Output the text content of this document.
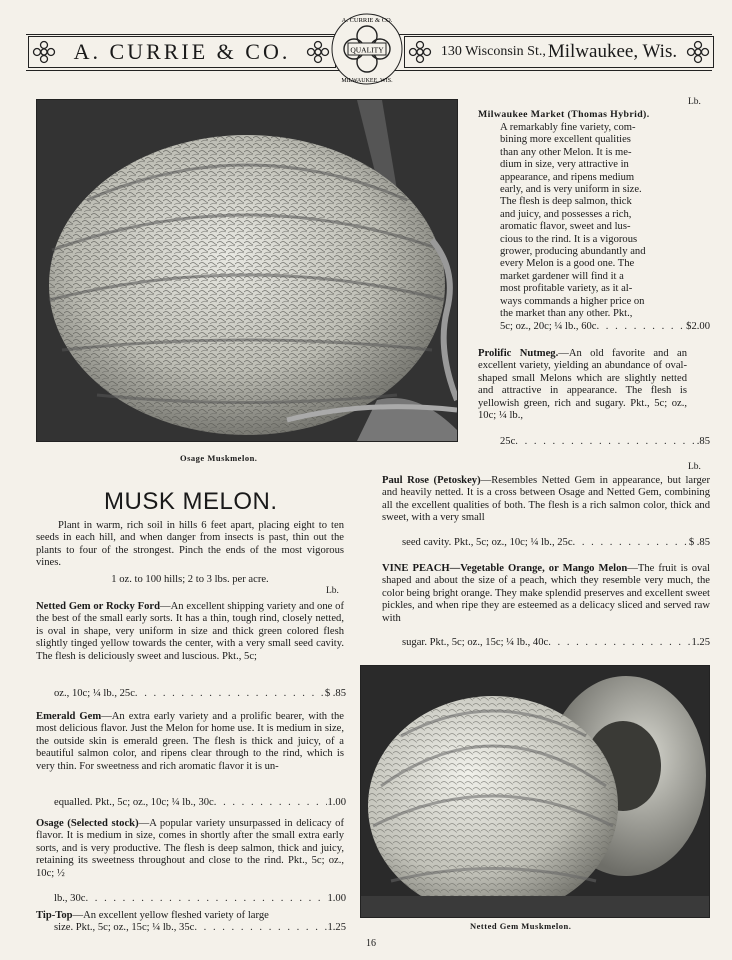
A. CURRIE & CO.	QUALITY
A. CURRIE & CO.
MILWAUKEE, WIS.
130 Wisconsin St., Milwaukee, Wis.
Osage Muskmelon.
Lb.
Milwaukee Market (Thomas Hybrid).
A remarkably fine variety, com-
bining more excellent qualities
than any other Melon. It is me-
dium in size, very attractive in
appearance, and ripens medium
early, and is very uniform in size.
The flesh is deep salmon, thick
and juicy, and possesses a rich,
aromatic flavor, sweet and lus-
cious to the rind. It is a vigorous
grower, producing abundantly and
every Melon is a good one. The
market gardener will find it a
most profitable variety, as it al-
ways commands a higher price on
the market than any other. Pkt.,
5c; oz., 20c; ¼ lb., 60c . . .	$2.00
Prolific Nutmeg.—An old favorite and an excellent variety, yielding an abundance of oval-shaped small Melons which are slightly netted and attractive in appearance. The flesh is yellowish green, rich and sugary. Pkt., 5c; oz., 10c; ¼ lb.,
25c . . .	.85
Lb.
Paul Rose (Petoskey)—Resembles Netted Gem in appearance, but larger and heavily netted. It is a cross between Osage and Netted Gem, combining all the excellent qualities of both. The flesh is a rich salmon color, thick and sweet, with a very small
seed cavity. Pkt., 5c; oz., 10c; ¼ lb., 25c . . .	$ .85
VINE PEACH—Vegetable Orange, or Mango Melon—The fruit is oval shaped and about the size of a peach, which they resemble very much, the color being bright orange. They make splendid preserves and excellent sweet pickles, and when ripe they are esteemed as a delicacy sliced and served raw with
sugar. Pkt., 5c; oz., 15c; ¼ lb., 40c . . .	1.25
Netted Gem Muskmelon.
MUSK MELON.
Plant in warm, rich soil in hills 6 feet apart, placing eight to ten seeds in each hill, and when danger from insects is past, thin out the plants to four of the strongest. Pinch the ends of the most vigorous vines.
1 oz. to 100 hills; 2 to 3 lbs. per acre.
Lb.
Netted Gem or Rocky Ford—An excellent shipping variety and one of the best of the small early sorts. It has a thin, tough rind, closely netted, is oval in shape, very uniform in size and thick green colored flesh slightly tinged yellow towards the center, with a very small seed cavity. The flesh is deliciously sweet and luscious. Pkt., 5c;
oz., 10c; ¼ lb., 25c . . .	$ .85
Emerald Gem—An extra early variety and a prolific bearer, with the most delicious flavor. Just the Melon for home use. It is medium in size, the outside skin is emerald green. The flesh is thick and juicy, of a beautiful salmon color, and ripens clear through to the rind, which is very thin. For sweetness and rich aromatic flavor it is un-
equalled. Pkt., 5c; oz., 10c; ¼ lb., 30c . . .	1.00
Osage (Selected stock)—A popular variety unsurpassed in delicacy of flavor. It is medium in size, comes in shortly after the small extra early sorts, and is very productive. The flesh is deep salmon, thick and juicy, retaining its sweetness throughout and close to the rind. Pkt., 5c; oz., 10c; ½
lb., 30c . . .	1.00
Tip-Top—An excellent yellow fleshed variety of large
size. Pkt., 5c; oz., 15c; ¼ lb., 35c . . .	1.25
16
